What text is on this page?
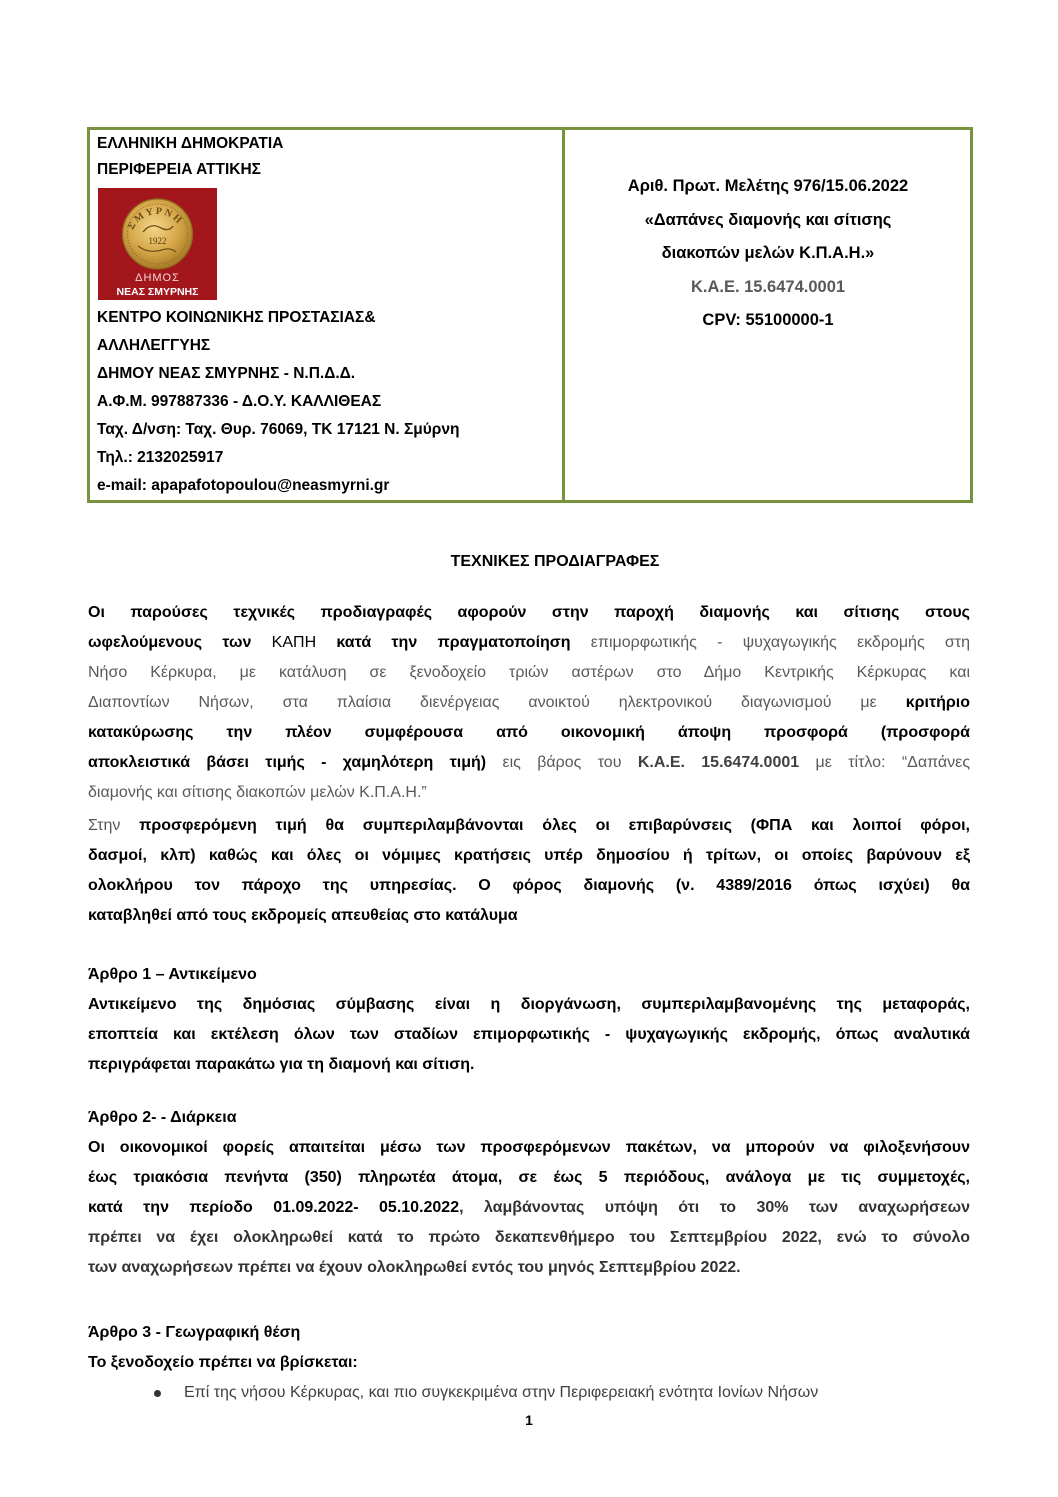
ΕΛΛΗΝΙΚΗ ΔΗΜΟΚΡΑΤΙΑ
ΠΕΡΙΦΕΡΕΙΑ ΑΤΤΙΚΗΣ
ΣΜΥΡΝΗ
1922
ΔΗΜΟΣ
ΝΕΑΣ ΣΜΥΡΝΗΣ
ΚΕΝΤΡΟ ΚΟΙΝΩΝΙΚΗΣ ΠΡΟΣΤΑΣΙΑΣ&
ΑΛΛΗΛΕΓΓΥΗΣ
ΔΗΜΟΥ ΝΕΑΣ ΣΜΥΡΝΗΣ - Ν.Π.Δ.Δ.
Α.Φ.Μ. 997887336 - Δ.Ο.Υ. ΚΑΛΛΙΘΕΑΣ
Ταχ. Δ/νση: Ταχ. Θυρ. 76069, ΤΚ 17121 Ν. Σμύρνη
Τηλ.: 2132025917
e-mail: apapafotopoulou@neasmyrni.gr
Αριθ. Πρωτ. Μελέτης 976/15.06.2022
«Δαπάνες διαμονής και σίτισης
διακοπών μελών Κ.Π.Α.Η.»
Κ.Α.Ε. 15.6474.0001
CPV: 55100000-1
ΤΕΧΝΙΚΕΣ ΠΡΟΔΙΑΓΡΑΦΕΣ
Οι παρούσες τεχνικές προδιαγραφές αφορούν στην παροχή διαμονής και σίτισης στους
ωφελούμενους των ΚΑΠΗ κατά την πραγματοποίηση επιμορφωτικής - ψυχαγωγικής εκδρομής στη
Νήσο Κέρκυρα, με κατάλυση σε ξενοδοχείο τριών αστέρων στο Δήμο Κεντρικής Κέρκυρας και
Διαποντίων Νήσων, στα πλαίσια διενέργειας ανοικτού ηλεκτρονικού διαγωνισμού με κριτήριο
κατακύρωσης την πλέον συμφέρουσα από οικονομική άποψη προσφορά (προσφορά
αποκλειστικά βάσει τιμής - χαμηλότερη τιμή) εις βάρος του Κ.Α.Ε. 15.6474.0001 με τίτλο: “Δαπάνες
διαμονής και σίτισης διακοπών μελών Κ.Π.Α.Η.”
Στην προσφερόμενη τιμή θα συμπεριλαμβάνονται όλες οι επιβαρύνσεις (ΦΠΑ και λοιποί φόροι,
δασμοί, κλπ) καθώς και όλες οι νόμιμες κρατήσεις υπέρ δημοσίου ή τρίτων, οι οποίες βαρύνουν εξ
ολοκλήρου τον πάροχο της υπηρεσίας. Ο φόρος διαμονής (ν. 4389/2016 όπως ισχύει) θα
καταβληθεί από τους εκδρομείς απευθείας στο κατάλυμα
Άρθρο 1 – Αντικείμενο
Αντικείμενο της δημόσιας σύμβασης είναι η διοργάνωση, συμπεριλαμβανομένης της μεταφοράς,
εποπτεία και εκτέλεση όλων των σταδίων επιμορφωτικής - ψυχαγωγικής εκδρομής, όπως αναλυτικά
περιγράφεται παρακάτω για τη διαμονή και σίτιση.
Άρθρο 2- - Διάρκεια
Οι οικονομικοί φορείς απαιτείται μέσω των προσφερόμενων πακέτων, να μπορούν να φιλοξενήσουν
έως τριακόσια πενήντα (350) πληρωτέα άτομα, σε έως 5 περιόδους, ανάλογα με τις συμμετοχές,
κατά την περίοδο 01.09.2022- 05.10.2022, λαμβάνοντας υπόψη ότι το 30% των αναχωρήσεων
πρέπει να έχει ολοκληρωθεί κατά το πρώτο δεκαπενθήμερο του Σεπτεμβρίου 2022, ενώ το σύνολο
των αναχωρήσεων πρέπει να έχουν ολοκληρωθεί εντός του μηνός Σεπτεμβρίου 2022.
Άρθρο 3 - Γεωγραφική θέση
Το ξενοδοχείο πρέπει να βρίσκεται:
Επί της νήσου Κέρκυρας, και πιο συγκεκριμένα στην Περιφερειακή ενότητα Ιονίων Νήσων
1
